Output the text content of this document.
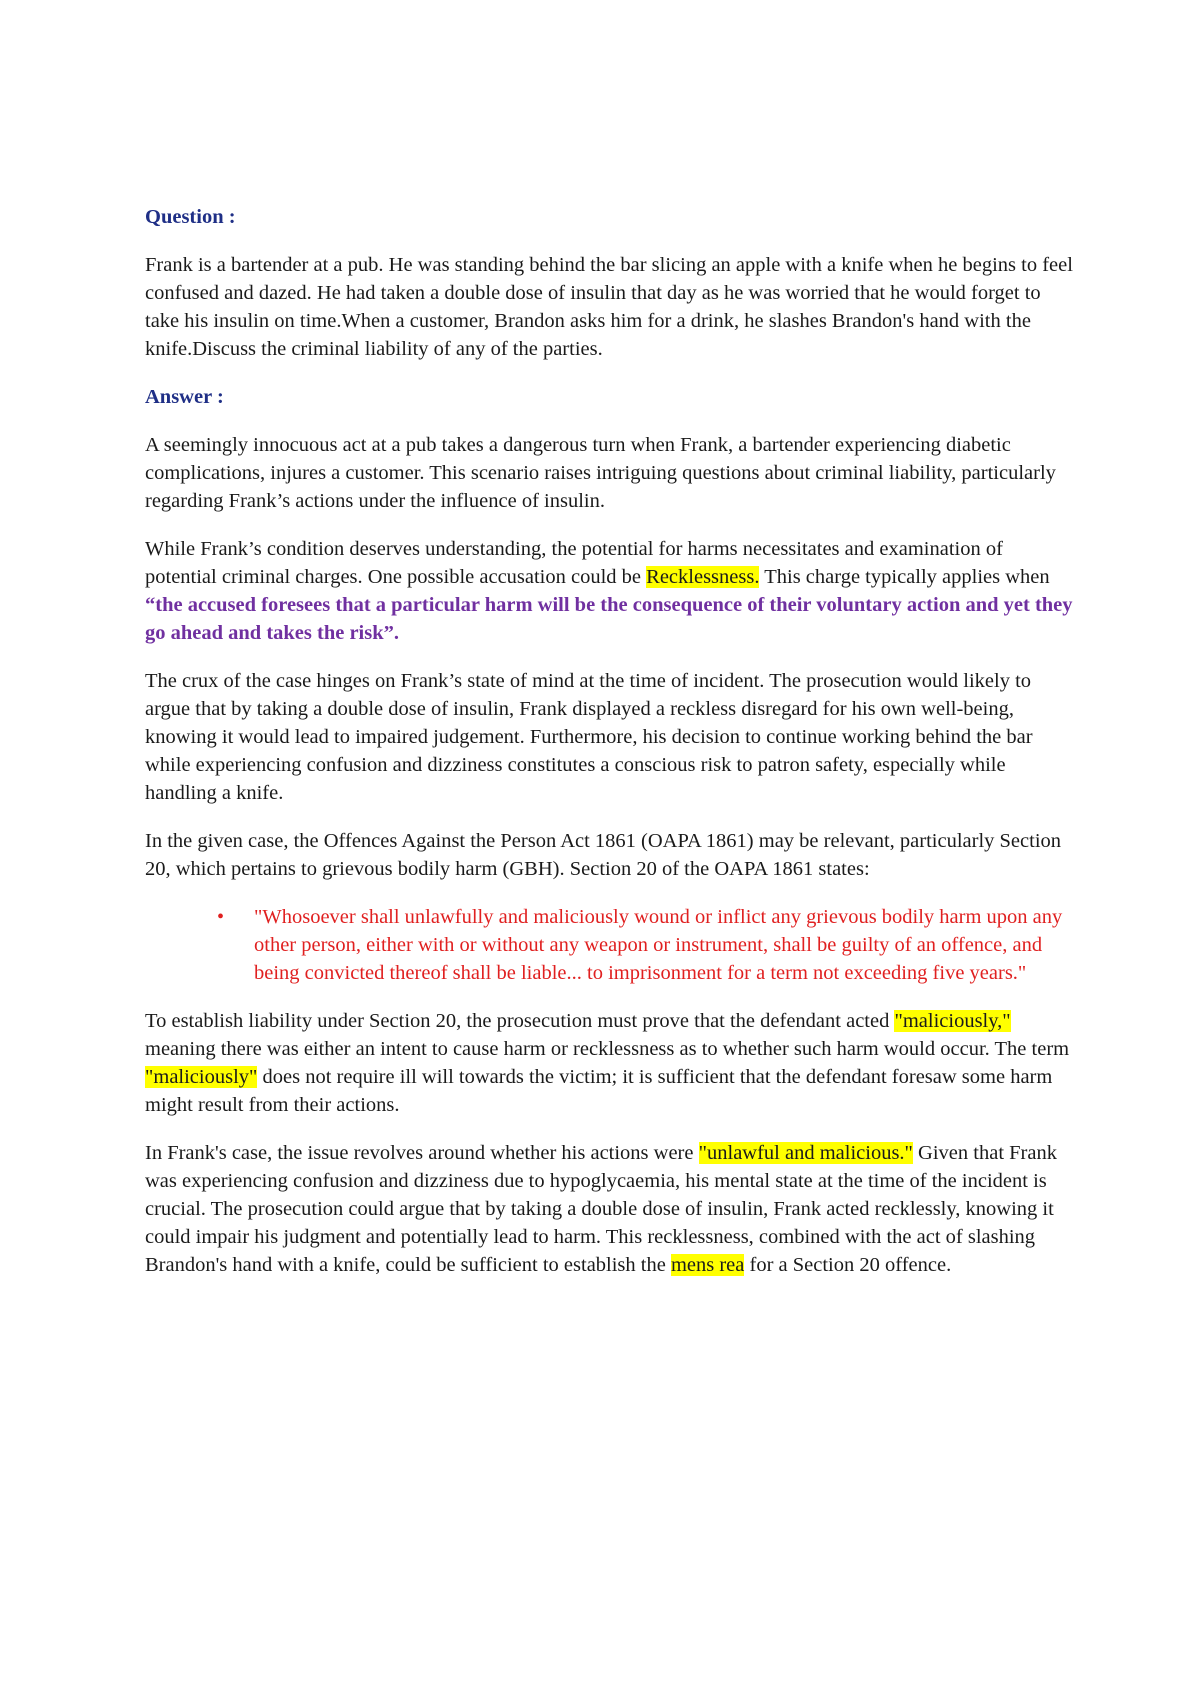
Question :

Frank is a bartender at a pub. He was standing behind the bar slicing an apple with a knife when he begins to feel confused and dazed. He had taken a double dose of insulin that day as he was worried that he would forget to take his insulin on time.When a customer, Brandon asks him for a drink, he slashes Brandon's hand with the knife.Discuss the criminal liability of any of the parties.

Answer :

A seemingly innocuous act at a pub takes a dangerous turn when Frank, a bartender experiencing diabetic complications, injures a customer. This scenario raises intriguing questions about criminal liability, particularly regarding Frank’s actions under the influence of insulin.

While Frank’s condition deserves understanding, the potential for harms necessitates and examination of potential criminal charges. One possible accusation could be Recklessness. This charge typically applies when “the accused foresees that a particular harm will be the consequence of their voluntary action and yet they go ahead and takes the risk”.

The crux of the case hinges on Frank’s state of mind at the time of incident. The prosecution would likely to argue that by taking a double dose of insulin, Frank displayed a reckless disregard for his own well-being, knowing it would lead to impaired judgement. Furthermore, his decision to continue working behind the bar while experiencing confusion and dizziness constitutes a conscious risk to patron safety, especially while handling a knife.

In the given case, the Offences Against the Person Act 1861 (OAPA 1861) may be relevant, particularly Section 20, which pertains to grievous bodily harm (GBH). Section 20 of the OAPA 1861 states:

• "Whosoever shall unlawfully and maliciously wound or inflict any grievous bodily harm upon any other person, either with or without any weapon or instrument, shall be guilty of an offence, and being convicted thereof shall be liable... to imprisonment for a term not exceeding five years."

To establish liability under Section 20, the prosecution must prove that the defendant acted "maliciously," meaning there was either an intent to cause harm or recklessness as to whether such harm would occur. The term "maliciously" does not require ill will towards the victim; it is sufficient that the defendant foresaw some harm might result from their actions.

In Frank's case, the issue revolves around whether his actions were "unlawful and malicious." Given that Frank was experiencing confusion and dizziness due to hypoglycaemia, his mental state at the time of the incident is crucial. The prosecution could argue that by taking a double dose of insulin, Frank acted recklessly, knowing it could impair his judgment and potentially lead to harm. This recklessness, combined with the act of slashing Brandon's hand with a knife, could be sufficient to establish the mens rea for a Section 20 offence.
